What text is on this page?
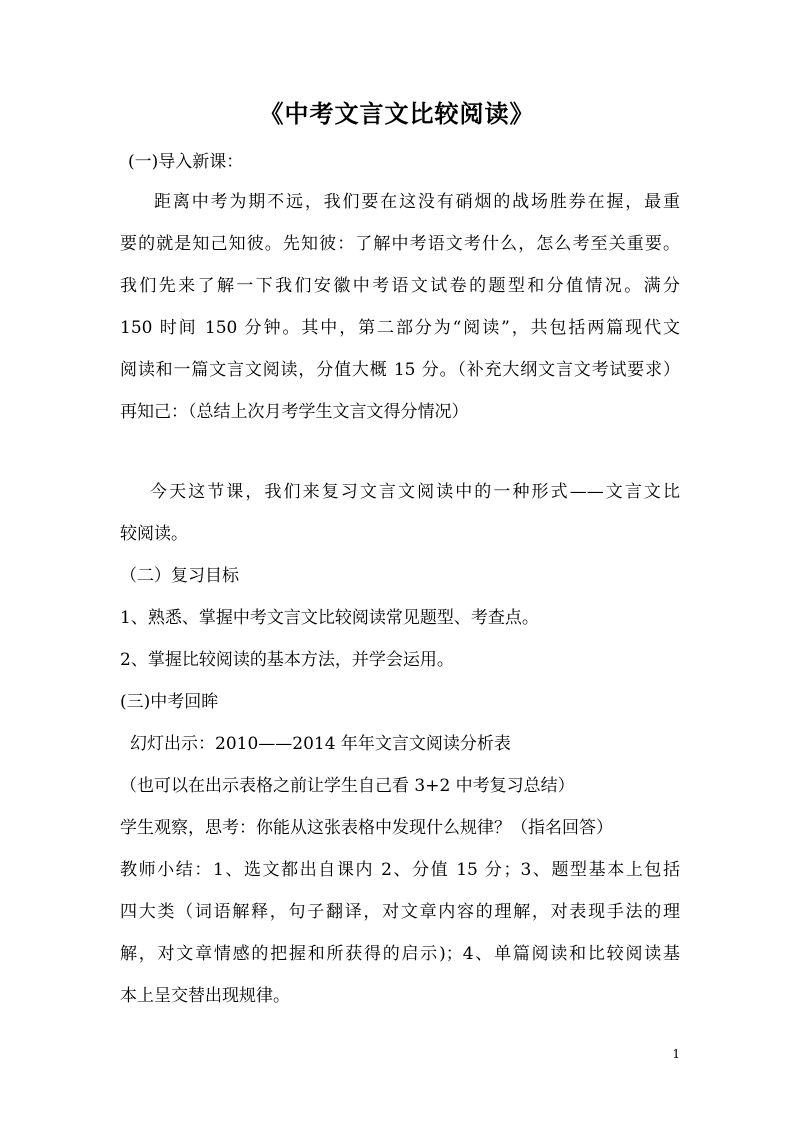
《中考文言文比较阅读》
(一)导入新课：
距离中考为期不远，我们要在这没有硝烟的战场胜券在握，最重
要的就是知己知彼。先知彼：了解中考语文考什么，怎么考至关重要。
我们先来了解一下我们安徽中考语文试卷的题型和分值情况。满分
150 时间 150 分钟。其中，第二部分为“阅读”，共包括两篇现代文
阅读和一篇文言文阅读，分值大概 15 分。（补充大纲文言文考试要求）
再知己：（总结上次月考学生文言文得分情况）
今天这节课，我们来复习文言文阅读中的一种形式——文言文比
较阅读。
（二）复习目标
1、熟悉、掌握中考文言文比较阅读常见题型、考查点。
2、掌握比较阅读的基本方法，并学会运用。
(三)中考回眸
幻灯出示：2010——2014 年年文言文阅读分析表
（也可以在出示表格之前让学生自己看 3+2 中考复习总结）
学生观察，思考：你能从这张表格中发现什么规律？（指名回答）
教师小结：1、选文都出自课内 2、分值 15 分；3、题型基本上包括
四大类（词语解释，句子翻译，对文章内容的理解，对表现手法的理
解，对文章情感的把握和所获得的启示)；4、单篇阅读和比较阅读基
本上呈交替出现规律。
1
